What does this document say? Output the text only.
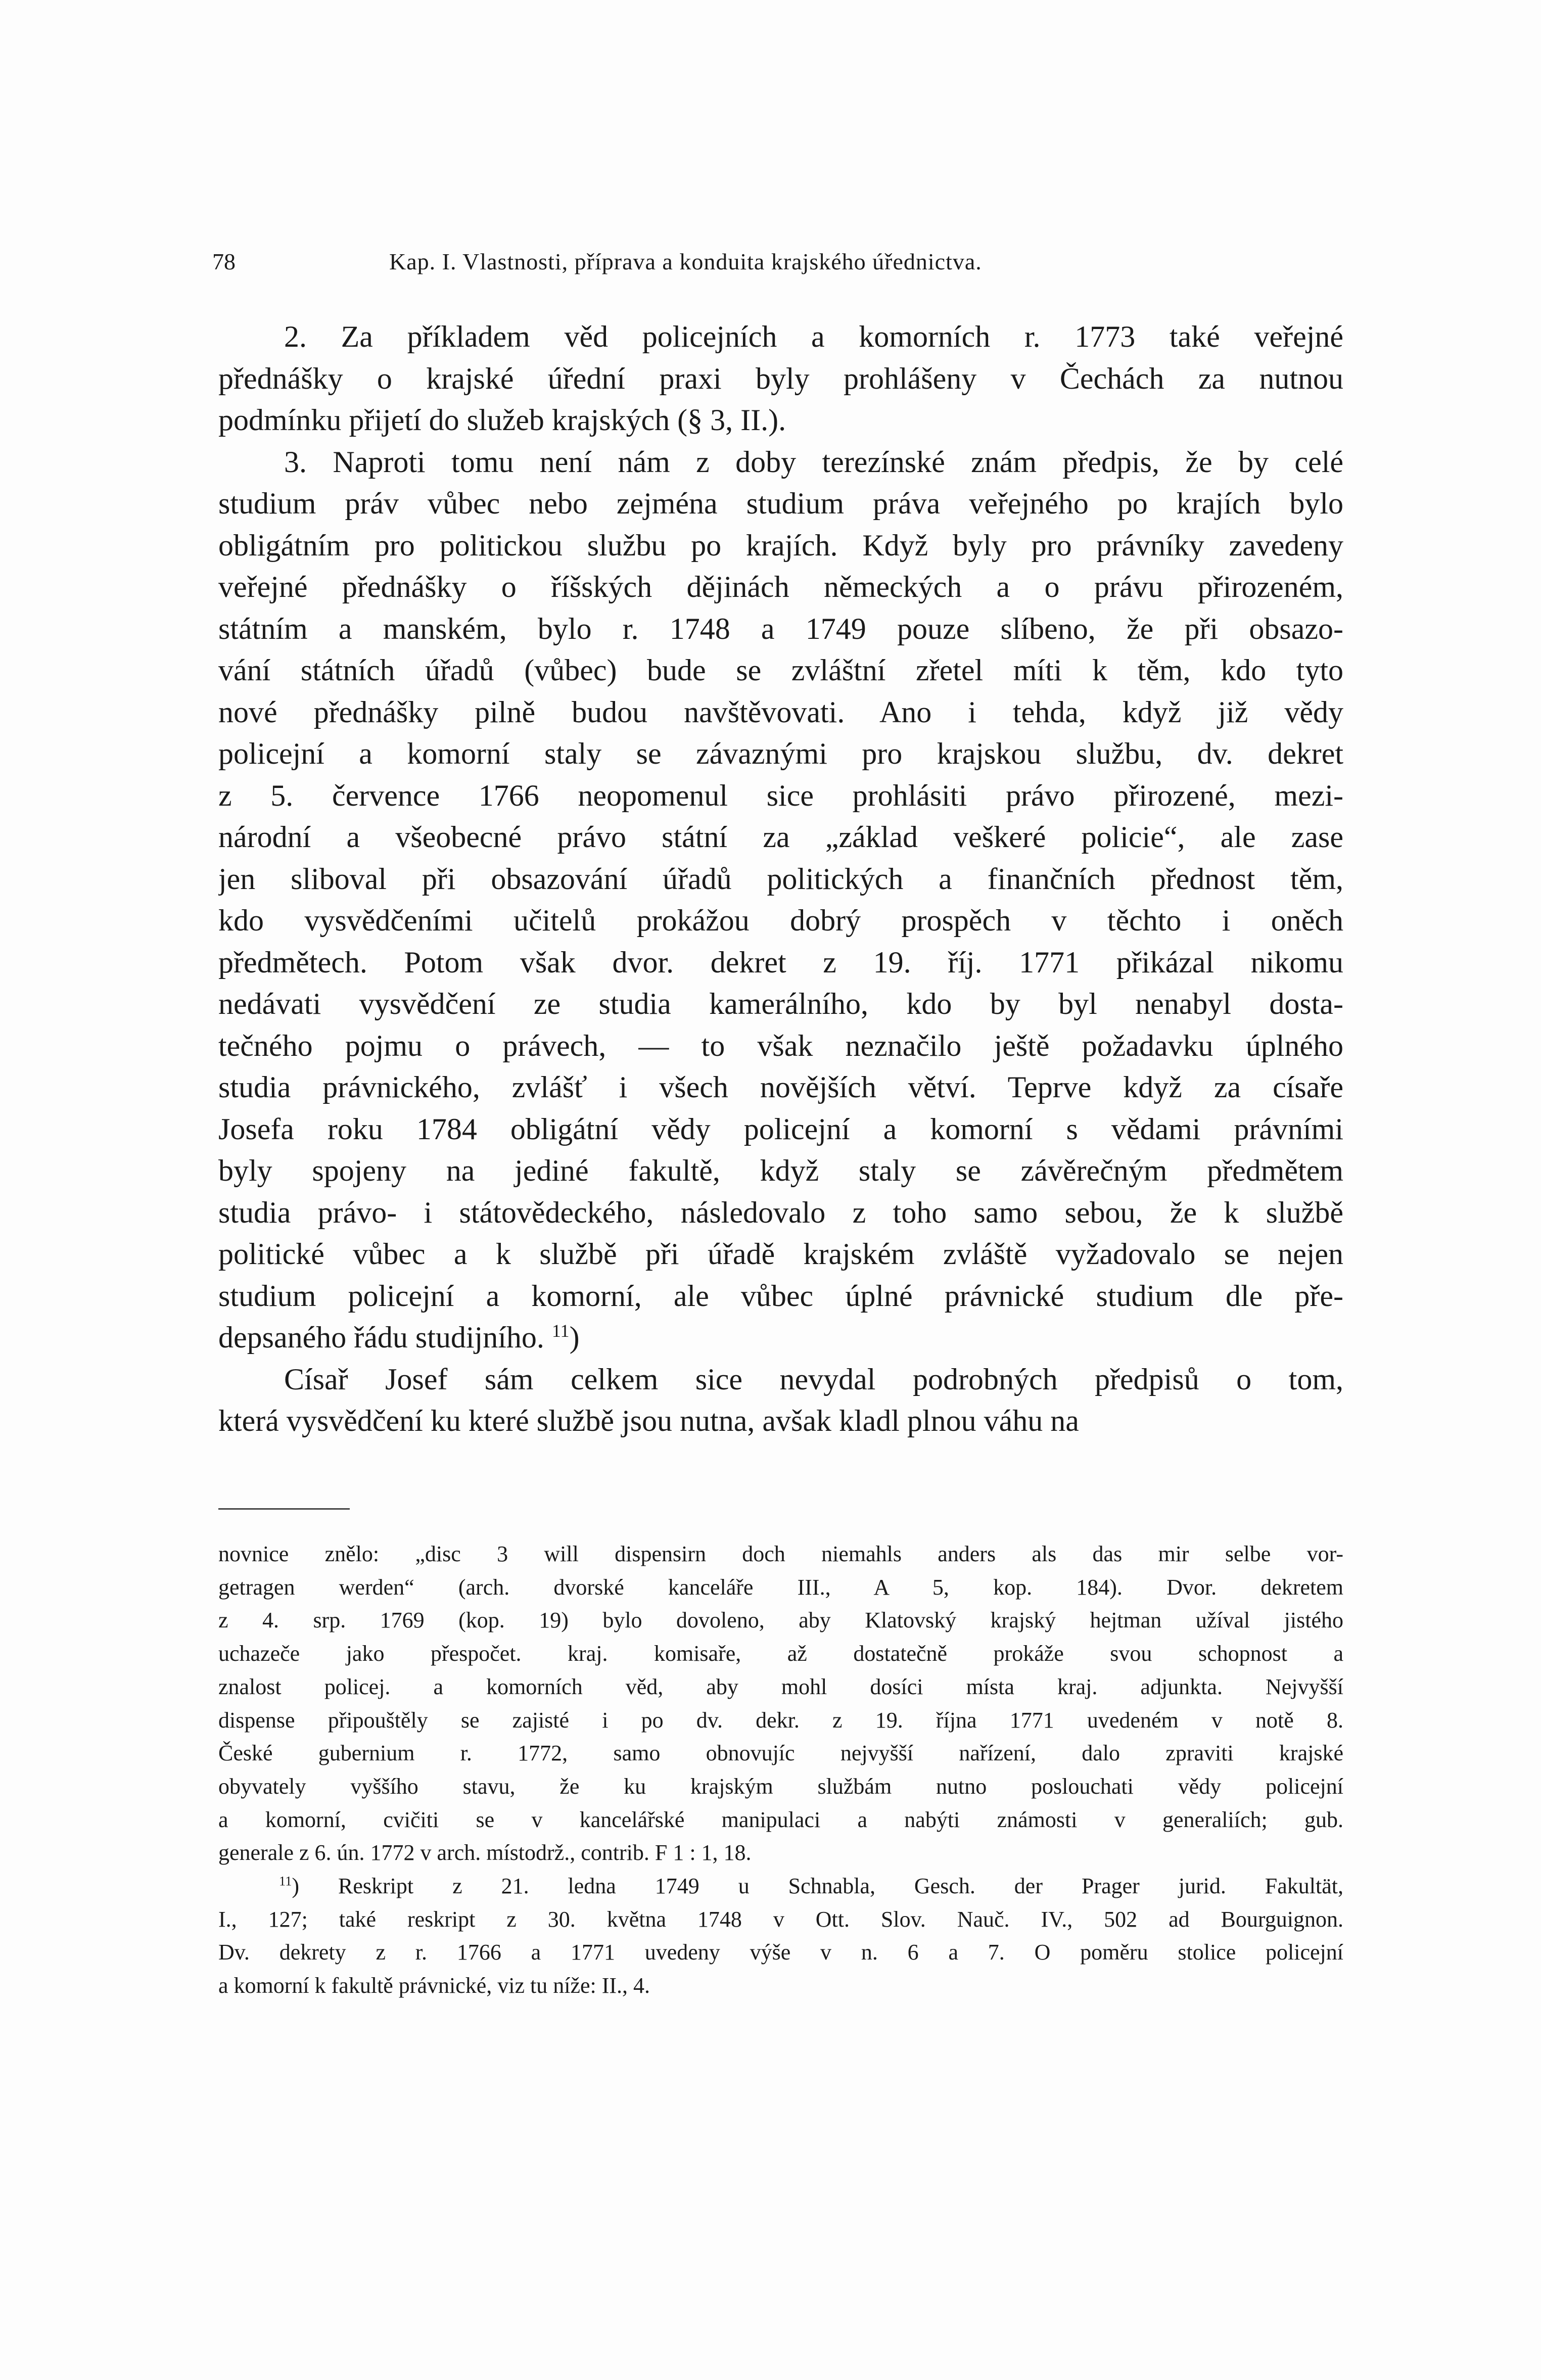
78	Kap. I. Vlastnosti, příprava a konduita krajského úřednictva.
2. Za příkladem věd policejních a komorních r. 1773 také veřejné
přednášky o krajské úřední praxi byly prohlášeny v Čechách za nutnou
podmínku přijetí do služeb krajských (§ 3, II.).
3. Naproti tomu není nám z doby terezínské znám předpis, že by celé
studium práv vůbec nebo zejména studium práva veřejného po krajích bylo
obligátním pro politickou službu po krajích. Když byly pro právníky zavedeny
veřejné přednášky o říšských dějinách německých a o právu přirozeném,
státním a manském, bylo r. 1748 a 1749 pouze slíbeno, že při obsazo-
vání státních úřadů (vůbec) bude se zvláštní zřetel míti k těm, kdo tyto
nové přednášky pilně budou navštěvovati. Ano i tehda, když již vědy
policejní a komorní staly se závaznými pro krajskou službu, dv. dekret
z 5. července 1766 neopomenul sice prohlásiti právo přirozené, mezi-
národní a všeobecné právo státní za „základ veškeré policie“, ale zase
jen sliboval při obsazování úřadů politických a finančních přednost těm,
kdo vysvědčeními učitelů prokážou dobrý prospěch v těchto i oněch
předmětech. Potom však dvor. dekret z 19. říj. 1771 přikázal nikomu
nedávati vysvědčení ze studia kamerálního, kdo by byl nenabyl dosta-
tečného pojmu o právech, — to však neznačilo ještě požadavku úplného
studia právnického, zvlášť i všech novějších větví. Teprve když za císaře
Josefa roku 1784 obligátní vědy policejní a komorní s vědami právními
byly spojeny na jediné fakultě, když staly se závěrečným předmětem
studia právo- i státovědeckého, následovalo z toho samo sebou, že k službě
politické vůbec a k službě při úřadě krajském zvláště vyžadovalo se nejen
studium policejní a komorní, ale vůbec úplné právnické studium dle pře-
depsaného řádu studijního. $^{11}$)
Císař Josef sám celkem sice nevydal podrobných předpisů o tom,
která vysvědčení ku které službě jsou nutna, avšak kladl plnou váhu na
novnice znělo: „disc 3 will dispensirn doch niemahls anders als das mir selbe vor-
getragen werden“ (arch. dvorské kanceláře III., A 5, kop. 184). Dvor. dekretem
z 4. srp. 1769 (kop. 19) bylo dovoleno, aby Klatovský krajský hejtman užíval jistého
uchazeče jako přespočet. kraj. komisaře, až dostatečně prokáže svou schopnost a
znalost policej. a komorních věd, aby mohl dosíci místa kraj. adjunkta. Nejvyšší
dispense připouštěly se zajisté i po dv. dekr. z 19. října 1771 uvedeném v notě 8.
České gubernium r. 1772, samo obnovujíc nejvyšší nařízení, dalo zpraviti krajské
obyvately vyššího stavu, že ku krajským službám nutno poslouchati vědy policejní
a komorní, cvičiti se v kancelářské manipulaci a nabýti známosti v generaliích; gub.
generale z 6. ún. 1772 v arch. místodrž., contrib. F 1 : 1, 18.
$^{11}$) Reskript z 21. ledna 1749 u Schnabla, Gesch. der Prager jurid. Fakultät,
I., 127; také reskript z 30. května 1748 v Ott. Slov. Nauč. IV., 502 ad Bourguignon.
Dv. dekrety z r. 1766 a 1771 uvedeny výše v n. 6 a 7. O poměru stolice policejní
a komorní k fakultě právnické, viz tu níže: II., 4.
